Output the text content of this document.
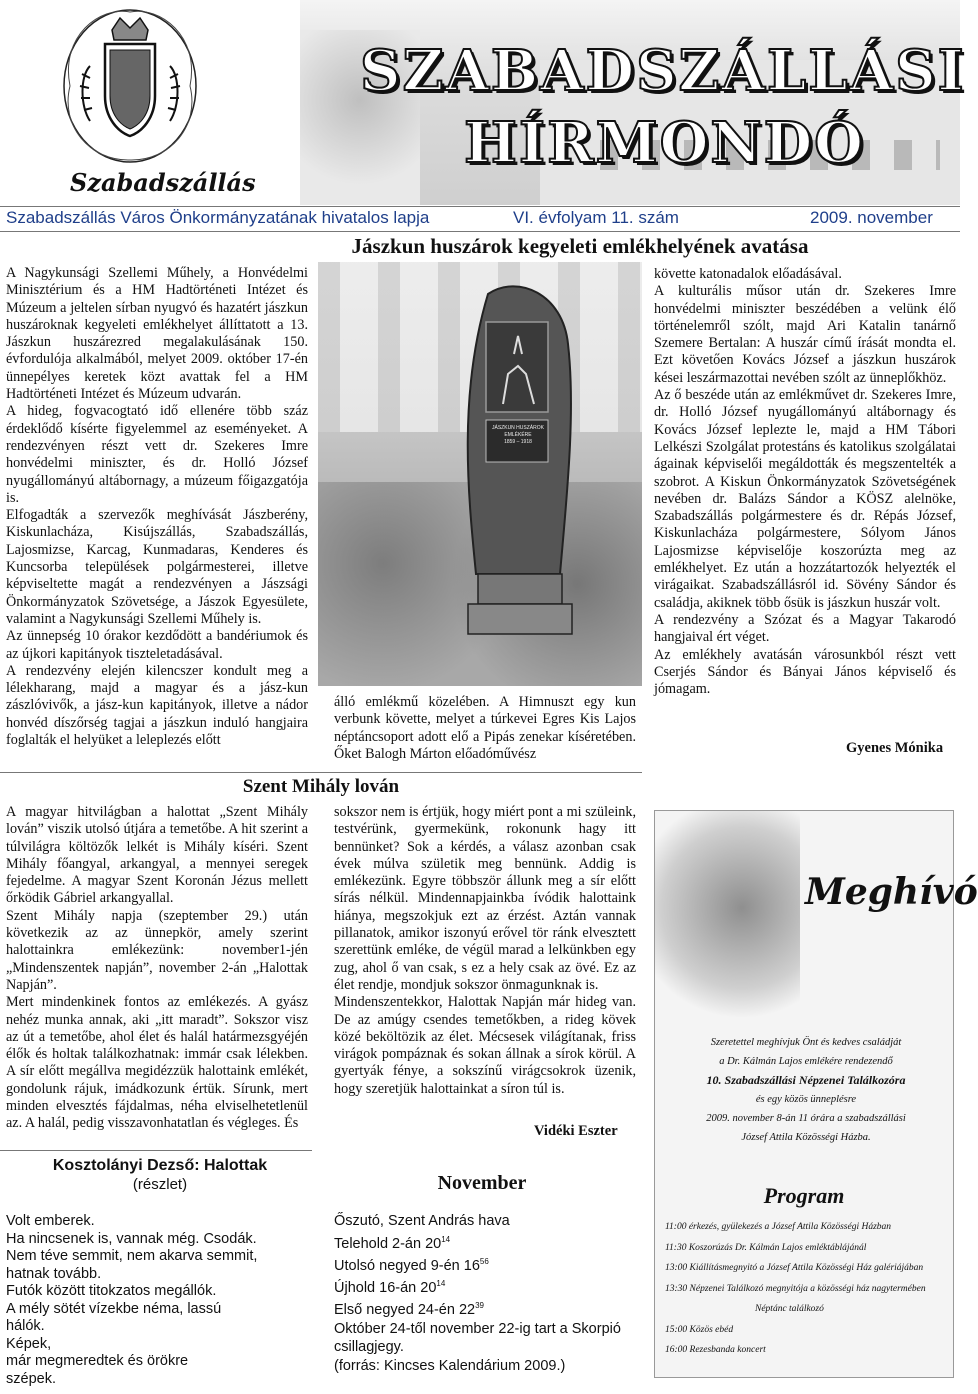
Szabadszállás
SZABADSZÁLLÁSI
HÍRMONDÓ
Szabadszállás Város Önkormányzatának hivatalos lapja	VI. évfolyam 11. szám	2009. november
Jászkun huszárok kegyeleti emlékhelyének avatása

A Nagykunsági Szellemi Műhely, a Honvédelmi Minisztérium és a HM Hadtörténeti Intézet és Múzeum a jeltelen sírban nyugvó és hazatért jászkun huszároknak kegyeleti emlékhelyet állíttatott a 13. Jászkun huszárezred megalakulásának 150. évfordulója alkalmából, melyet 2009. október 17-én ünnepélyes keretek közt avattak fel a HM Hadtörténeti Intézet és Múzeum udvarán.

A hideg, fogvacogtató idő ellenére több száz érdeklődő kísérte figyelemmel az eseményeket. A rendezvényen részt vett dr. Szekeres Imre honvédelmi miniszter, és dr. Holló József nyugállományú altábornagy, a múzeum főigazgatója is.

Elfogadták a szervezők meghívását Jászberény, Kiskunlacháza, Kisújszállás, Szabadszállás, Lajosmizse, Karcag, Kunmadaras, Kenderes és Kuncsorba települések polgármesterei, illetve képviseltette magát a rendezvényen a Jászsági Önkormányzatok Szövetsége, a Jászok Egyesülete, valamint a Nagykunsági Szellemi Műhely is.

Az ünnepség 10 órakor kezdődött a bandériumok és az újkori kapitányok tiszteletadásával.

A rendezvény elején kilencszer kondult meg a lélekharang, majd a magyar és a jász-kun zászlóvivők, a jász-kun kapitányok, illetve a nádor honvéd díszőrség tagjai a jászkun induló hangjaira foglalták el helyüket a leleplezés előtt

JÁSZKUN HUSZÁROK EMLÉKÉRE
1859 – 1918

álló emlékmű közelében. A Himnuszt egy kun verbunk követte, melyet a túrkevei Egres Kis Lajos néptáncsoport adott elő a Pipás zenekar kíséretében. Őket Balogh Márton előadóművész

követte katonadalok előadásával.

A kulturális műsor után dr. Szekeres Imre honvédelmi miniszter beszédében a velünk élő történelemről szólt, majd Ari Katalin tanárnő Szemere Bertalan: A huszár című írását mondta el. Ezt követően Kovács József a jászkun huszárok kései leszármazottai nevében szólt az ünneplőkhöz.

Az ő beszéde után az emlékművet dr. Szekeres Imre, dr. Holló József nyugállományú altábornagy és Kovács József leplezte le, majd a HM Tábori Lelkészi Szolgálat protestáns és katolikus szolgálatai ágainak képviselői megáldották és megszentelték a szobrot. A Kiskun Önkormányzatok Szövetségének nevében dr. Balázs Sándor a KÖSZ alelnöke, Szabadszállás polgármestere és dr. Répás József, Kiskunlacháza polgármestere, Sólyom János Lajosmizse képviselője koszorúzta meg az emlékhelyet. Ez után a hozzátartozók helyezték el virágaikat. Szabadszállásról id. Sövény Sándor és családja, akiknek több ősük is jászkun huszár volt.

A rendezvény a Szózat és a Magyar Takarodó hangjaival ért véget.

Az emlékhely avatásán városunkból részt vett Cserjés Sándor és Bányai János képviselő és jómagam.

Gyenes Mónika
Szent Mihály lován

A magyar hitvilágban a halottat „Szent Mihály lován” viszik utolsó útjára a temetőbe. A hit szerint a túlvilágra költözők lelkét is Mihály kíséri. Szent Mihály főangyal, arkangyal, a mennyei seregek fejedelme. A magyar Szent Koronán Jézus mellett őrködik Gábriel arkangyallal.

Szent Mihály napja (szeptember 29.) után következik az az ünnepkör, amely szerint halottainkra emlékezünk: november1-jén „Mindenszentek napján”, november 2-án „Halottak Napján”.

Mert mindenkinek fontos az emlékezés. A gyász nehéz munka annak, aki „itt maradt”. Sokszor visz az út a temetőbe, ahol élet és halál határmezsgyéjén élők és holtak találkozhatnak: immár csak lélekben. A sír előtt megállva megidézzük halottaink emlékét, gondolunk rájuk, imádkozunk értük. Sírunk, mert minden elvesztés fájdalmas, néha elviselhetetlenül az. A halál, pedig visszavonhatatlan és végleges. És

sokszor nem is értjük, hogy miért pont a mi szüleink, testvérünk, gyermekünk, rokonunk hagy itt bennünket? Sok a kérdés, a válasz azonban csak évek múlva születik meg bennünk. Addig is emlékezünk. Egyre többször állunk meg a sír előtt sírás nélkül. Mindennapjainkba ívódik halottaink hiánya, megszokjuk ezt az érzést. Aztán vannak pillanatok, amikor iszonyú erővel tör ránk elvesztett szerettünk emléke, de végül marad a lelkünkben egy zug, ahol ő van csak, s ez a hely csak az övé. Ez az élet rendje, mondjuk sokszor önmagunknak is.

Mindenszentekkor, Halottak Napján már hideg van. De az amúgy csendes temetőkben, a rideg kövek közé beköltözik az élet. Mécsesek világítanak, friss virágok pompáznak és sokan állnak a sírok körül. A gyertyák fénye, a sokszínű virágcsokrok üzenik, hogy szeretjük halottainkat a síron túl is.

Vidéki Eszter
Meghívó
Szeretettel meghívjuk Önt és kedves családját
a Dr. Kálmán Lajos emlékére rendezendő
10. Szabadszállási Népzenei Találkozóra
és egy közös ünneplésre
2009. november 8-án 11 órára a szabadszállási
József Attila Közösségi Házba.
Program
11:00 érkezés, gyülekezés a József Attila Közösségi Házban
11:30 Koszorúzás Dr. Kálmán Lajos emléktáblájánál
13:00 Kiállításmegnyitó a József Attila Közösségi Ház galériájában
13:30 Népzenei Találkozó megnyitója a közösségi ház nagytermében
Néptánc találkozó
15:00 Közös ebéd
16:00 Rezesbanda koncert
Kosztolányi Dezső: Halottak
(részlet)

Volt emberek.

Ha nincsenek is, vannak még. Csodák.

Nem téve semmit, nem akarva semmit,

hatnak tovább.

Futók között titokzatos megállók.

A mély sötét vízekbe néma, lassú

hálók.

Képek,

már megmeredtek és örökre

szépek.

November

Őszutó, Szent András hava

Telehold 2-án $20^{14}$

Utolsó negyed 9-én $16^{56}$

Újhold 16-án $20^{14}$

Első negyed 24-én $22^{39}$

Október 24-től november 22-ig tart a Skorpió csillagjegy.

(forrás: Kincses Kalendárium 2009.)
